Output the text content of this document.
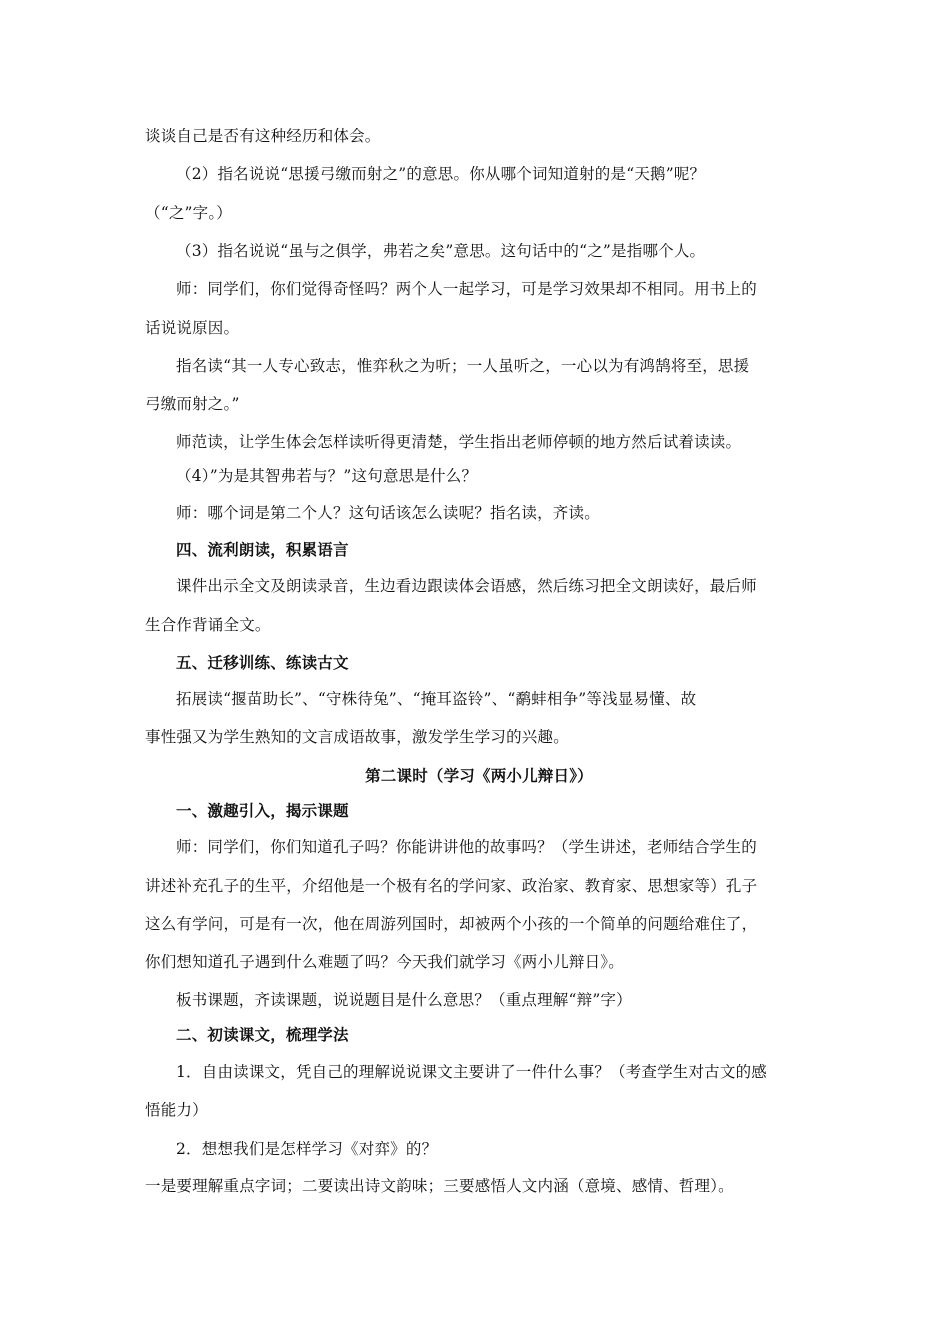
谈谈自己是否有这种经历和体会。
（2）指名说说“思援弓缴而射之”的意思。你从哪个词知道射的是“天鹅”呢？
（“之”字。）
（3）指名说说“虽与之俱学，弗若之矣”意思。这句话中的“之”是指哪个人。
师：同学们，你们觉得奇怪吗？两个人一起学习，可是学习效果却不相同。用书上的
话说说原因。
指名读“其一人专心致志，惟弈秋之为听；一人虽听之，一心以为有鸿鹄将至，思援
弓缴而射之。”
师范读，让学生体会怎样读听得更清楚，学生指出老师停顿的地方然后试着读读。
（4）”为是其智弗若与？”这句意思是什么？
师：哪个词是第二个人？这句话该怎么读呢？指名读，齐读。
四、流利朗读，积累语言
课件出示全文及朗读录音，生边看边跟读体会语感，然后练习把全文朗读好，最后师
生合作背诵全文。
五、迁移训练、练读古文
拓展读“揠苗助长”、“守株待兔”、“掩耳盗铃”、“鹬蚌相争”等浅显易懂、故
事性强又为学生熟知的文言成语故事，激发学生学习的兴趣。
第二课时（学习《两小儿辩日》）
一、激趣引入，揭示课题
师：同学们，你们知道孔子吗？你能讲讲他的故事吗？（学生讲述，老师结合学生的
讲述补充孔子的生平，介绍他是一个极有名的学问家、政治家、教育家、思想家等）孔子
这么有学问，可是有一次，他在周游列国时，却被两个小孩的一个简单的问题给难住了，
你们想知道孔子遇到什么难题了吗？今天我们就学习《两小儿辩日》。
板书课题，齐读课题，说说题目是什么意思？（重点理解“辩”字）
二、初读课文，梳理学法
1．自由读课文，凭自己的理解说说课文主要讲了一件什么事？（考查学生对古文的感
悟能力）
2．想想我们是怎样学习《对弈》的？
一是要理解重点字词；二要读出诗文韵味；三要感悟人文内涵（意境、感情、哲理）。
